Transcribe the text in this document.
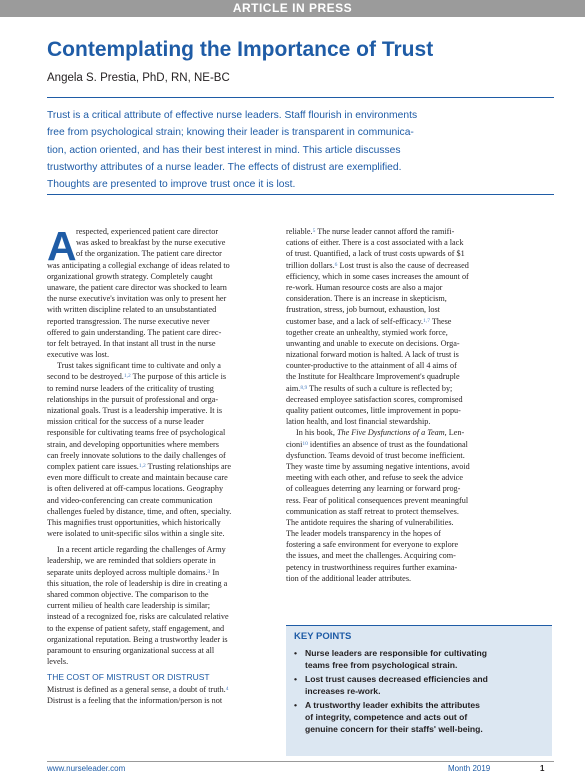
ARTICLE IN PRESS
Contemplating the Importance of Trust
Angela S. Prestia, PhD, RN, NE-BC
Trust is a critical attribute of effective nurse leaders. Staff flourish in environments
free from psychological strain; knowing their leader is transparent in communica-
tion, action oriented, and has their best interest in mind. This article discusses
trustworthy attributes of a nurse leader. The effects of distrust are exemplified.
Thoughts are presented to improve trust once it is lost.
A respected, experienced patient care director
was asked to breakfast by the nurse executive
of the organization. The patient care director
was anticipating a collegial exchange of ideas related to
organizational growth strategy. Completely caught
unaware, the patient care director was shocked to learn
the nurse executive's invitation was only to present her
with written discipline related to an unsubstantiated
reported transgression. The nurse executive never
offered to gain understanding. The patient care direc-
tor felt betrayed. In that instant all trust in the nurse
executive was lost.
Trust takes significant time to cultivate and only a
second to be destroyed.$^{1,2}$ The purpose of this article is
to remind nurse leaders of the criticality of trusting
relationships in the pursuit of professional and orga-
nizational goals. Trust is a leadership imperative. It is
mission critical for the success of a nurse leader
responsible for cultivating teams free of psychological
strain, and developing opportunities where members
can freely innovate solutions to the daily challenges of
complex patient care issues.$^{1,2}$ Trusting relationships are
even more difficult to create and maintain because care
is often delivered at off-campus locations. Geography
and video-conferencing can create communication
challenges fueled by distance, time, and often, specialty.
This magnifies trust opportunities, which historically
were isolated to unit-specific silos within a single site.
In a recent article regarding the challenges of Army
leadership, we are reminded that soldiers operate in
separate units deployed across multiple domains.$^3$ In
this situation, the role of leadership is dire in creating a
shared common objective. The comparison to the
current milieu of health care leadership is similar;
instead of a recognized foe, risks are calculated relative
to the expense of patient safety, staff engagement, and
organizational reputation. Being a trustworthy leader is
paramount to ensuring organizational success at all
levels.
THE COST OF MISTRUST OR DISTRUST
Mistrust is defined as a general sense, a doubt of truth.$^4$
Distrust is a feeling that the information/person is not
reliable.$^5$ The nurse leader cannot afford the ramifi-
cations of either. There is a cost associated with a lack
of trust. Quantified, a lack of trust costs upwards of $1
trillion dollars.$^6$ Lost trust is also the cause of decreased
efficiency, which in some cases increases the amount of
re-work. Human resource costs are also a major
consideration. There is an increase in skepticism,
frustration, stress, job burnout, exhaustion, lost
customer base, and a lack of self-efficacy.$^{1,7}$ These
together create an unhealthy, stymied work force,
unwanting and unable to execute on decisions. Orga-
nizational forward motion is halted. A lack of trust is
counter-productive to the attainment of all 4 aims of
the Institute for Healthcare Improvement's quadruple
aim.$^{8,9}$ The results of such a culture is reflected by;
decreased employee satisfaction scores, compromised
quality patient outcomes, little improvement in popu-
lation health, and lost financial stewardship.
In his book, The Five Dysfunctions of a Team, Len-
cioni$^{10}$ identifies an absence of trust as the foundational
dysfunction. Teams devoid of trust become inefficient.
They waste time by assuming negative intentions, avoid
meeting with each other, and refuse to seek the advice
of colleagues deterring any learning or forward prog-
ress. Fear of political consequences prevent meaningful
communication as staff retreat to protect themselves.
The antidote requires the sharing of vulnerabilities.
The leader models transparency in the hopes of
fostering a safe environment for everyone to explore
the issues, and meet the challenges. Acquiring com-
petency in trustworthiness requires further examina-
tion of the additional leader attributes.
KEY POINTS
• Nurse leaders are responsible for cultivating
teams free from psychological strain.
• Lost trust causes decreased efficiencies and
increases re-work.
• A trustworthy leader exhibits the attributes
of integrity, competence and acts out of
genuine concern for their staffs' well-being.
www.nurseleader.com	Month 2019	1
